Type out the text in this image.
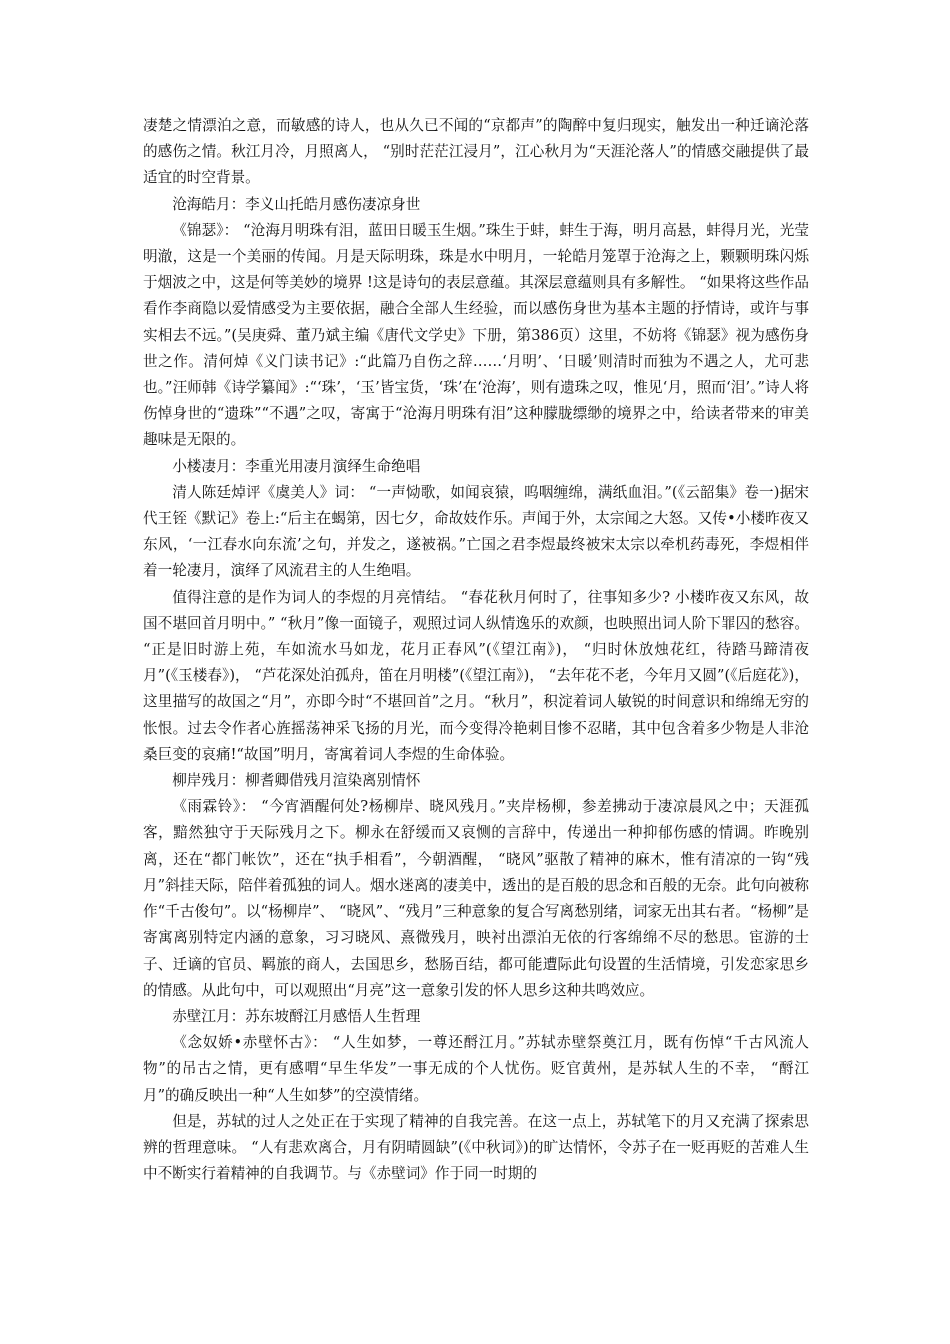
凄楚之情漂泊之意，而敏感的诗人，也从久已不闻的“京都声”的陶醉中复归现实，触发出一种迁谪沦落的感伤之情。秋江月冷，月照离人， “别时茫茫江浸月”，江心秋月为“天涯沦落人”的情感交融提供了最适宜的时空背景。

沧海皓月：李义山托皓月感伤凄凉身世

《锦瑟》： “沧海月明珠有泪，蓝田日暖玉生烟。”珠生于蚌，蚌生于海，明月高悬，蚌得月光，光莹明澈，这是一个美丽的传闻。月是天际明珠，珠是水中明月，一轮皓月笼罩于沧海之上，颗颗明珠闪烁于烟波之中，这是何等美妙的境界 !这是诗句的表层意蕴。其深层意蕴则具有多解性。 “如果将这些作品看作李商隐以爱情感受为主要依据，融合全部人生经验，而以感伤身世为基本主题的抒情诗，或许与事实相去不远。”(吴庚舜、董乃斌主编《唐代文学史》下册，第386页）这里，不妨将《锦瑟》视为感伤身世之作。清何焯《义门读书记》:“此篇乃自伤之辞……‘月明’、‘日暖’则清时而独为不遇之人，尤可悲也。”汪师韩《诗学纂闻》:“‘珠’，‘玉’皆宝货，‘珠’在‘沧海’，则有遗珠之叹，惟见‘月，照而‘泪’。”诗人将伤悼身世的“遗珠”“不遇”之叹，寄寓于“沧海月明珠有泪”这种朦胧缥缈的境界之中，给读者带来的审美趣味是无限的。

小楼凄月：李重光用凄月演绎生命绝唱

清人陈廷焯评《虞美人》词： “一声恸歌，如闻哀猿，呜咽缠绵，满纸血泪。”(《云韶集》卷一)据宋代王铚《默记》卷上:“后主在蝎第，因七夕，命故妓作乐。声闻于外，太宗闻之大怒。又传•小楼昨夜又东风，‘一江春水向东流’之句，并发之，遂被祸。”亡国之君李煜最终被宋太宗以牵机药毒死，李煜相伴着一轮凄月，演绎了风流君主的人生绝唱。

值得注意的是作为词人的李煜的月亮情结。 “春花秋月何时了，往事知多少? 小楼昨夜又东风，故国不堪回首月明中。” “秋月”像一面镜子，观照过词人纵情逸乐的欢颜，也映照出词人阶下罪囚的愁容。 “正是旧时游上苑，车如流水马如龙，花月正春风”(《望江南》)， “归时休放烛花红，待踏马蹄清夜月”(《玉楼春》)， “芦花深处泊孤舟，笛在月明楼”(《望江南》)， “去年花不老，今年月又圆”(《后庭花》)，这里描写的故国之“月”，亦即今时“不堪回首”之月。“秋月”，积淀着词人敏锐的时间意识和绵绵无穷的怅恨。过去令作者心旌摇荡神采飞扬的月光，而今变得冷艳刺目惨不忍睹，其中包含着多少物是人非沧桑巨变的哀痛!“故国”明月，寄寓着词人李煜的生命体验。

柳岸残月：柳耆卿借残月渲染离别情怀

《雨霖铃》： “今宵酒醒何处?杨柳岸、晓风残月。”夹岸杨柳，参差拂动于凄凉晨风之中；天涯孤客，黯然独守于天际残月之下。柳永在舒缓而又哀恻的言辞中，传递出一种抑郁伤感的情调。昨晚别离，还在“都门帐饮”，还在“执手相看”，今朝酒醒， “晓风”驱散了精神的麻木，惟有清凉的一钩“残月”斜挂天际，陪伴着孤独的词人。烟水迷离的凄美中，透出的是百般的思念和百般的无奈。此句向被称作“千古俊句”。以“杨柳岸”、 “晓风”、“残月”三种意象的复合写离愁别绪，词家无出其右者。“杨柳”是寄寓离别特定内涵的意象，习习晓风、熹微残月，映衬出漂泊无依的行客绵绵不尽的愁思。宦游的士子、迁谪的官员、羁旅的商人，去国思乡，愁肠百结，都可能遭际此句设置的生活情境，引发恋家思乡的情感。从此句中，可以观照出“月亮”这一意象引发的怀人思乡这种共鸣效应。

赤壁江月：苏东坡酹江月感悟人生哲理

《念奴娇•赤壁怀古》： “人生如梦，一尊还酹江月。”苏轼赤壁祭奠江月，既有伤悼“千古风流人物”的吊古之情，更有感喟“早生华发”一事无成的个人忧伤。贬官黄州，是苏轼人生的不幸， “酹江月”的确反映出一种“人生如梦”的空漠情绪。

但是，苏轼的过人之处正在于实现了精神的自我完善。在这一点上，苏轼笔下的月又充满了探索思辨的哲理意味。 “人有悲欢离合，月有阴晴圆缺”(《中秋词》)的旷达情怀，令苏子在一贬再贬的苦难人生中不断实行着精神的自我调节。与《赤壁词》作于同一时期的
